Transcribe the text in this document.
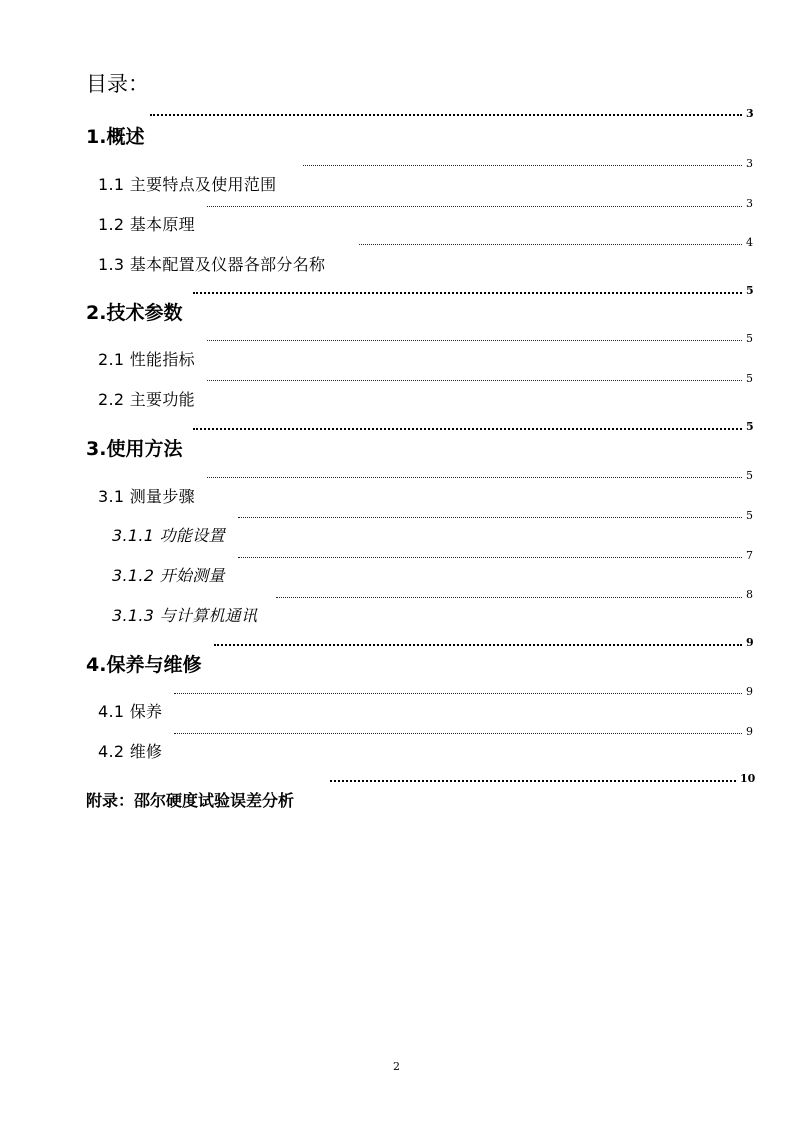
目录：
3
1.概述
3
1.1 主要特点及使用范围
3
1.2 基本原理
4
1.3 基本配置及仪器各部分名称
5
2.技术参数
5
2.1 性能指标
5
2.2 主要功能
5
3.使用方法
5
3.1 测量步骤
5
3.1.1 功能设置
7
3.1.2 开始测量
8
3.1.3 与计算机通讯
9
4.保养与维修
9
4.1 保养
9
4.2 维修
10
附录：邵尔硬度试验误差分析
2
